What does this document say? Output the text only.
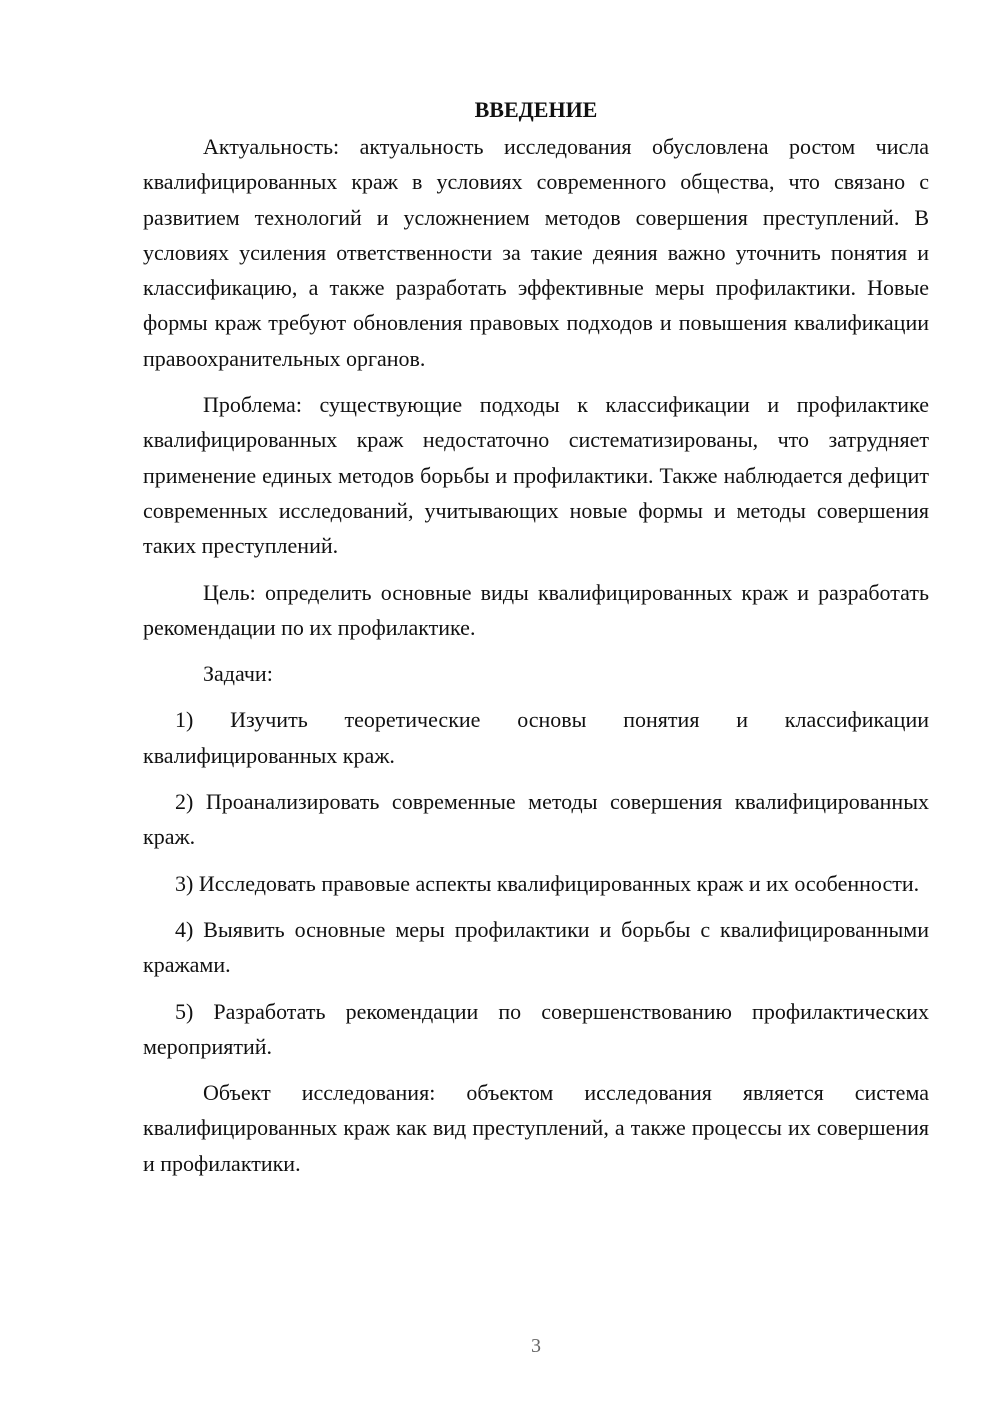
ВВЕДЕНИЕ

Актуальность: актуальность исследования обусловлена ростом числа квалифицированных краж в условиях современного общества, что связано с развитием технологий и усложнением методов совершения преступлений. В условиях усиления ответственности за такие деяния важно уточнить понятия и классификацию, а также разработать эффективные меры профилактики. Новые формы краж требуют обновления правовых подходов и повышения квалификации правоохранительных органов.

Проблема: существующие подходы к классификации и профилактике квалифицированных краж недостаточно систематизированы, что затрудняет применение единых методов борьбы и профилактики. Также наблюдается дефицит современных исследований, учитывающих новые формы и методы совершения таких преступлений.

Цель: определить основные виды квалифицированных краж и разработать рекомендации по их профилактике.

Задачи:

1) Изучить теоретические основы понятия и классификации квалифицированных краж.

2) Проанализировать современные методы совершения квалифицированных краж.

3) Исследовать правовые аспекты квалифицированных краж и их особенности.

4) Выявить основные меры профилактики и борьбы с квалифицированными кражами.

5) Разработать рекомендации по совершенствованию профилактических мероприятий.

Объект исследования: объектом исследования является система квалифицированных краж как вид преступлений, а также процессы их совершения и профилактики.

3
